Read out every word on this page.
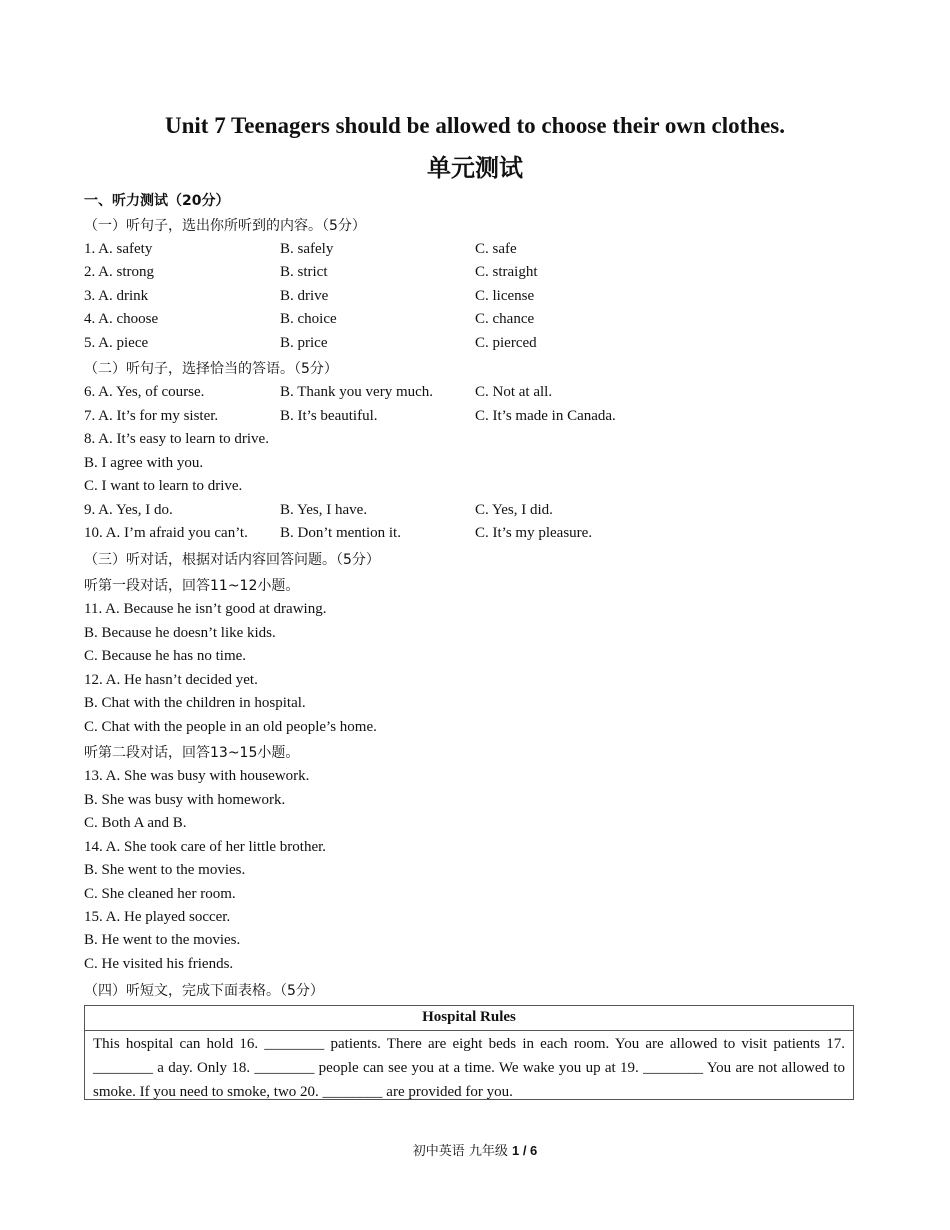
Unit 7 Teenagers should be allowed to choose their own clothes.
单元测试
一、听力测试（20分）
（一）听句子，选出你所听到的内容。（5分）
1. A. safety	B. safely	C. safe
2. A. strong	B. strict	C. straight
3. A. drink	B. drive	C. license
4. A. choose	B. choice	C. chance
5. A. piece	B. price	C. pierced
（二）听句子，选择恰当的答语。（5分）
6. A. Yes, of course.	B. Thank you very much.	C. Not at all.
7. A. It’s for my sister.	B. It’s beautiful.	C. It’s made in Canada.
8. A. It’s easy to learn to drive.
B. I agree with you.
C. I want to learn to drive.
9. A. Yes, I do.	B. Yes, I have.	C. Yes, I did.
10. A. I’m afraid you can’t. B. Don’t mention it.	C. It’s my pleasure.
（三）听对话，根据对话内容回答问题。（5分）
听第一段对话，回答11~12小题。
11. A. Because he isn’t good at drawing.
B. Because he doesn’t like kids.
C. Because he has no time.
12. A. He hasn’t decided yet.
B. Chat with the children in hospital.
C. Chat with the people in an old people’s home.
听第二段对话，回答13~15小题。
13. A. She was busy with housework.
B. She was busy with homework.
C. Both A and B.
14. A. She took care of her little brother.
B. She went to the movies.
C. She cleaned her room.
15. A. He played soccer.
B. He went to the movies.
C. He visited his friends.
（四）听短文，完成下面表格。（5分）
Hospital Rules
This hospital can hold 16. ________ patients. There are eight beds in each room. You are allowed to visit patients 17. ________ a day. Only 18. ________ people can see you at a time. We wake you up at 19. ________ You are not allowed to smoke. If you need to smoke, two 20. ________ are provided for you.
初中英语 九年级 1 / 6
